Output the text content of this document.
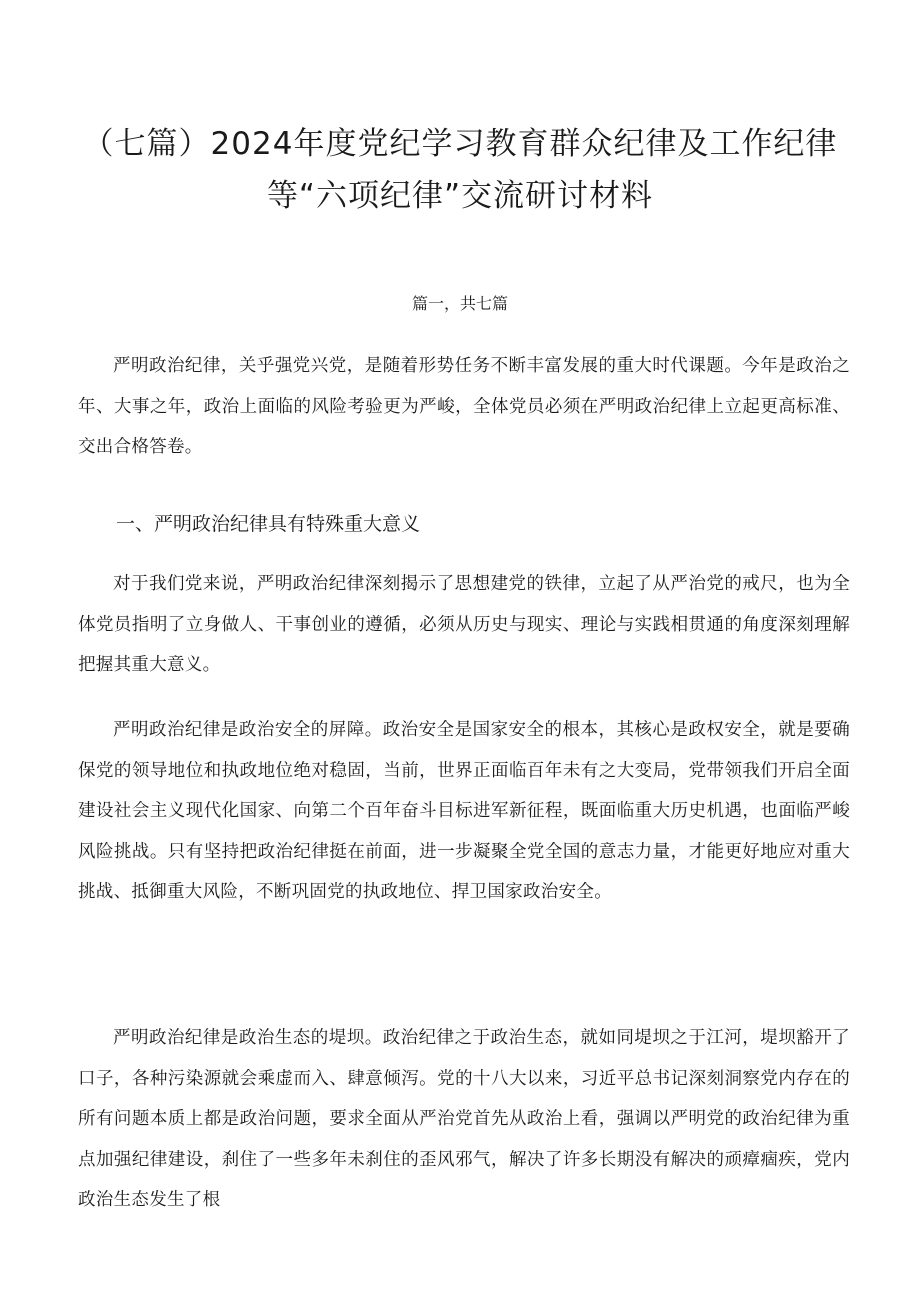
（七篇）2024年度党纪学习教育群众纪律及工作纪律等“六项纪律”交流研讨材料

篇一，共七篇

严明政治纪律，关乎强党兴党，是随着形势任务不断丰富发展的重大时代课题。今年是政治之年、大事之年，政治上面临的风险考验更为严峻，全体党员必须在严明政治纪律上立起更高标准、交出合格答卷。

一、严明政治纪律具有特殊重大意义

对于我们党来说，严明政治纪律深刻揭示了思想建党的铁律，立起了从严治党的戒尺，也为全体党员指明了立身做人、干事创业的遵循，必须从历史与现实、理论与实践相贯通的角度深刻理解把握其重大意义。

严明政治纪律是政治安全的屏障。政治安全是国家安全的根本，其核心是政权安全，就是要确保党的领导地位和执政地位绝对稳固，当前，世界正面临百年未有之大变局，党带领我们开启全面建设社会主义现代化国家、向第二个百年奋斗目标进军新征程，既面临重大历史机遇，也面临严峻风险挑战。只有坚持把政治纪律挺在前面，进一步凝聚全党全国的意志力量，才能更好地应对重大挑战、抵御重大风险，不断巩固党的执政地位、捍卫国家政治安全。

严明政治纪律是政治生态的堤坝。政治纪律之于政治生态，就如同堤坝之于江河，堤坝豁开了口子，各种污染源就会乘虚而入、肆意倾泻。党的十八大以来，习近平总书记深刻洞察党内存在的所有问题本质上都是政治问题，要求全面从严治党首先从政治上看，强调以严明党的政治纪律为重点加强纪律建设，刹住了一些多年未刹住的歪风邪气，解决了许多长期没有解决的顽瘴痼疾，党内政治生态发生了根
